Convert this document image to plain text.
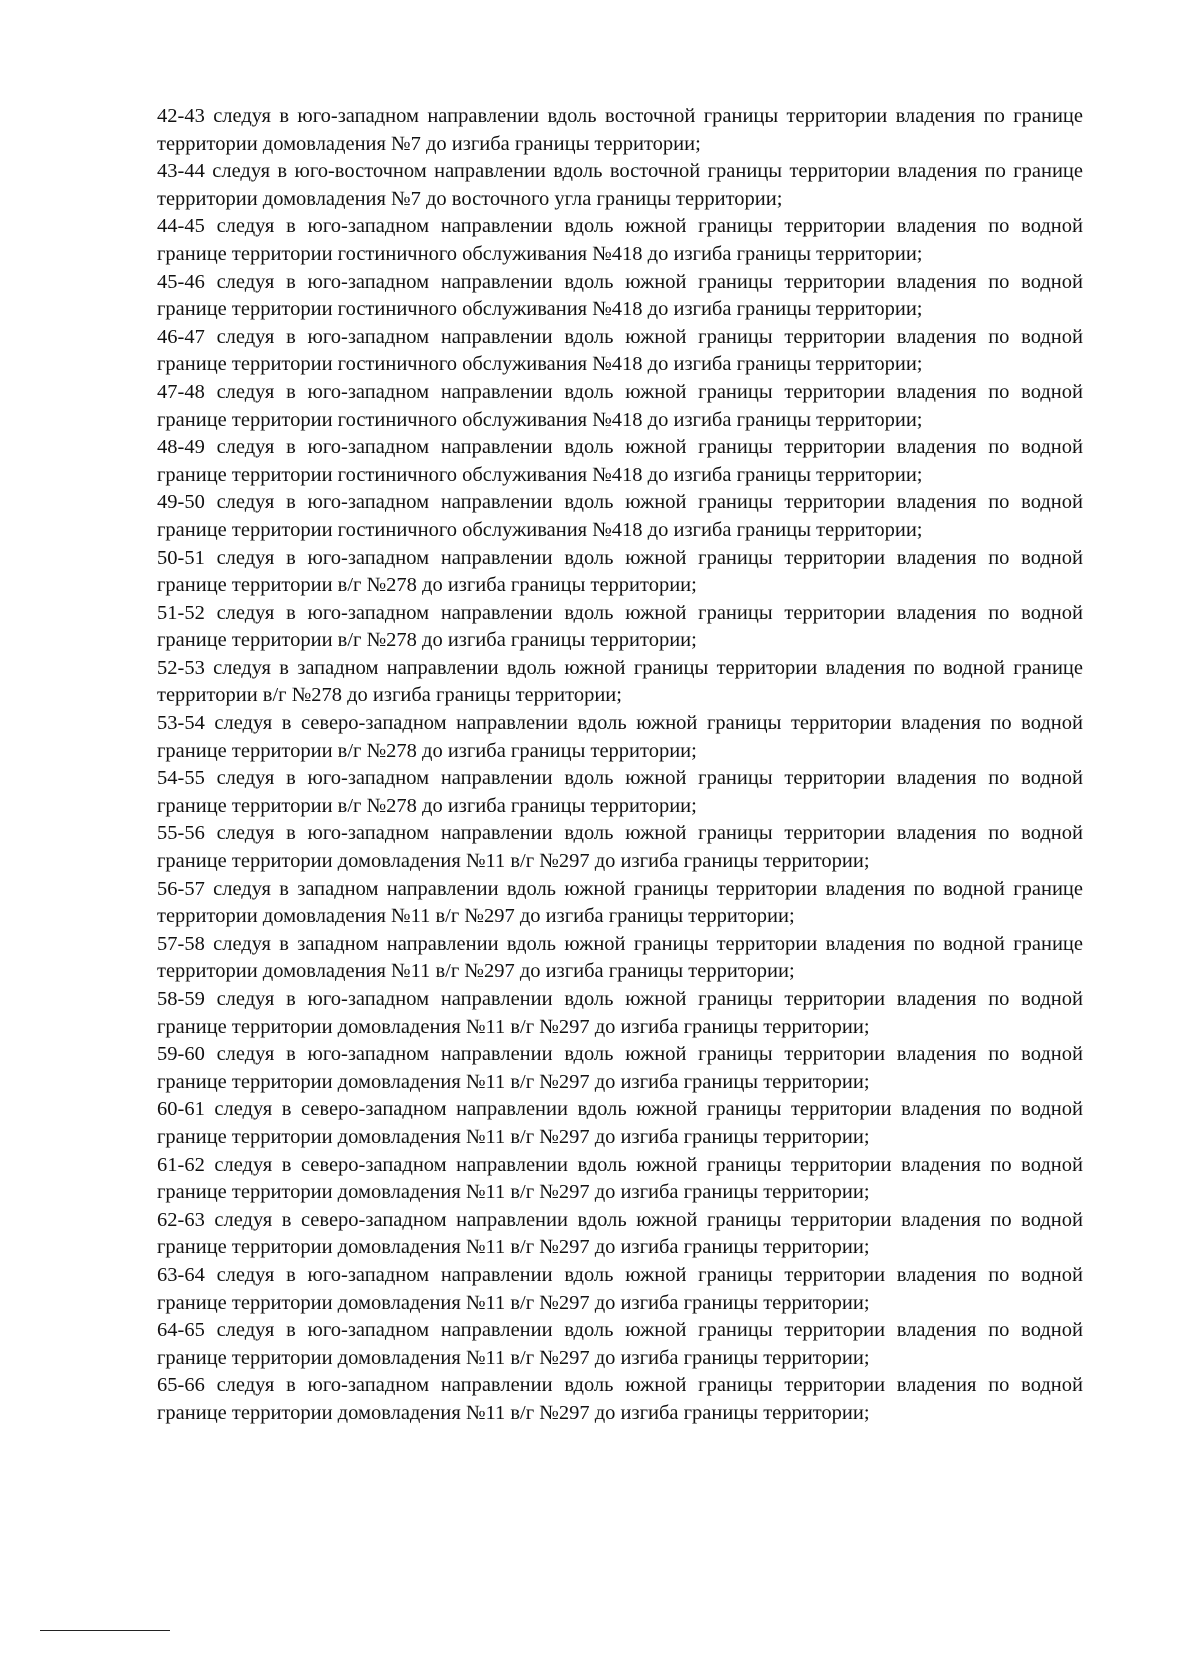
42-43 следуя в юго-западном направлении вдоль восточной границы территории владения по границе территории домовладения №7 до изгиба границы территории;

43-44 следуя в юго-восточном направлении вдоль восточной границы территории владения по границе территории домовладения №7 до восточного угла границы территории;

44-45 следуя в юго-западном направлении вдоль южной границы территории владения по водной границе территории гостиничного обслуживания №418 до изгиба границы территории;

45-46 следуя в юго-западном направлении вдоль южной границы территории владения по водной границе территории гостиничного обслуживания №418 до изгиба границы территории;

46-47 следуя в юго-западном направлении вдоль южной границы территории владения по водной границе территории гостиничного обслуживания №418 до изгиба границы территории;

47-48 следуя в юго-западном направлении вдоль южной границы территории владения по водной границе территории гостиничного обслуживания №418 до изгиба границы территории;

48-49 следуя в юго-западном направлении вдоль южной границы территории владения по водной границе территории гостиничного обслуживания №418 до изгиба границы территории;

49-50 следуя в юго-западном направлении вдоль южной границы территории владения по водной границе территории гостиничного обслуживания №418 до изгиба границы территории;

50-51 следуя в юго-западном направлении вдоль южной границы территории владения по водной границе территории в/г №278 до изгиба границы территории;

51-52 следуя в юго-западном направлении вдоль южной границы территории владения по водной границе территории в/г №278 до изгиба границы территории;

52-53 следуя в западном направлении вдоль южной границы территории владения по водной границе территории в/г №278 до изгиба границы территории;

53-54 следуя в северо-западном направлении вдоль южной границы территории владения по водной границе территории в/г №278 до изгиба границы территории;

54-55 следуя в юго-западном направлении вдоль южной границы территории владения по водной границе территории в/г №278 до изгиба границы территории;

55-56 следуя в юго-западном направлении вдоль южной границы территории владения по водной границе территории домовладения №11 в/г №297 до изгиба границы территории;

56-57 следуя в западном направлении вдоль южной границы территории владения по водной границе территории домовладения №11 в/г №297 до изгиба границы территории;

57-58 следуя в западном направлении вдоль южной границы территории владения по водной границе территории домовладения №11 в/г №297 до изгиба границы территории;

58-59 следуя в юго-западном направлении вдоль южной границы территории владения по водной границе территории домовладения №11 в/г №297 до изгиба границы территории;

59-60 следуя в юго-западном направлении вдоль южной границы территории владения по водной границе территории домовладения №11 в/г №297 до изгиба границы территории;

60-61 следуя в северо-западном направлении вдоль южной границы территории владения по водной границе территории домовладения №11 в/г №297 до изгиба границы территории;

61-62 следуя в северо-западном направлении вдоль южной границы территории владения по водной границе территории домовладения №11 в/г №297 до изгиба границы территории;

62-63 следуя в северо-западном направлении вдоль южной границы территории владения по водной границе территории домовладения №11 в/г №297 до изгиба границы территории;

63-64 следуя в юго-западном направлении вдоль южной границы территории владения по водной границе территории домовладения №11 в/г №297 до изгиба границы территории;

64-65 следуя в юго-западном направлении вдоль южной границы территории владения по водной границе территории домовладения №11 в/г №297 до изгиба границы территории;

65-66 следуя в юго-западном направлении вдоль южной границы территории владения по водной границе территории домовладения №11 в/г №297 до изгиба границы территории;
